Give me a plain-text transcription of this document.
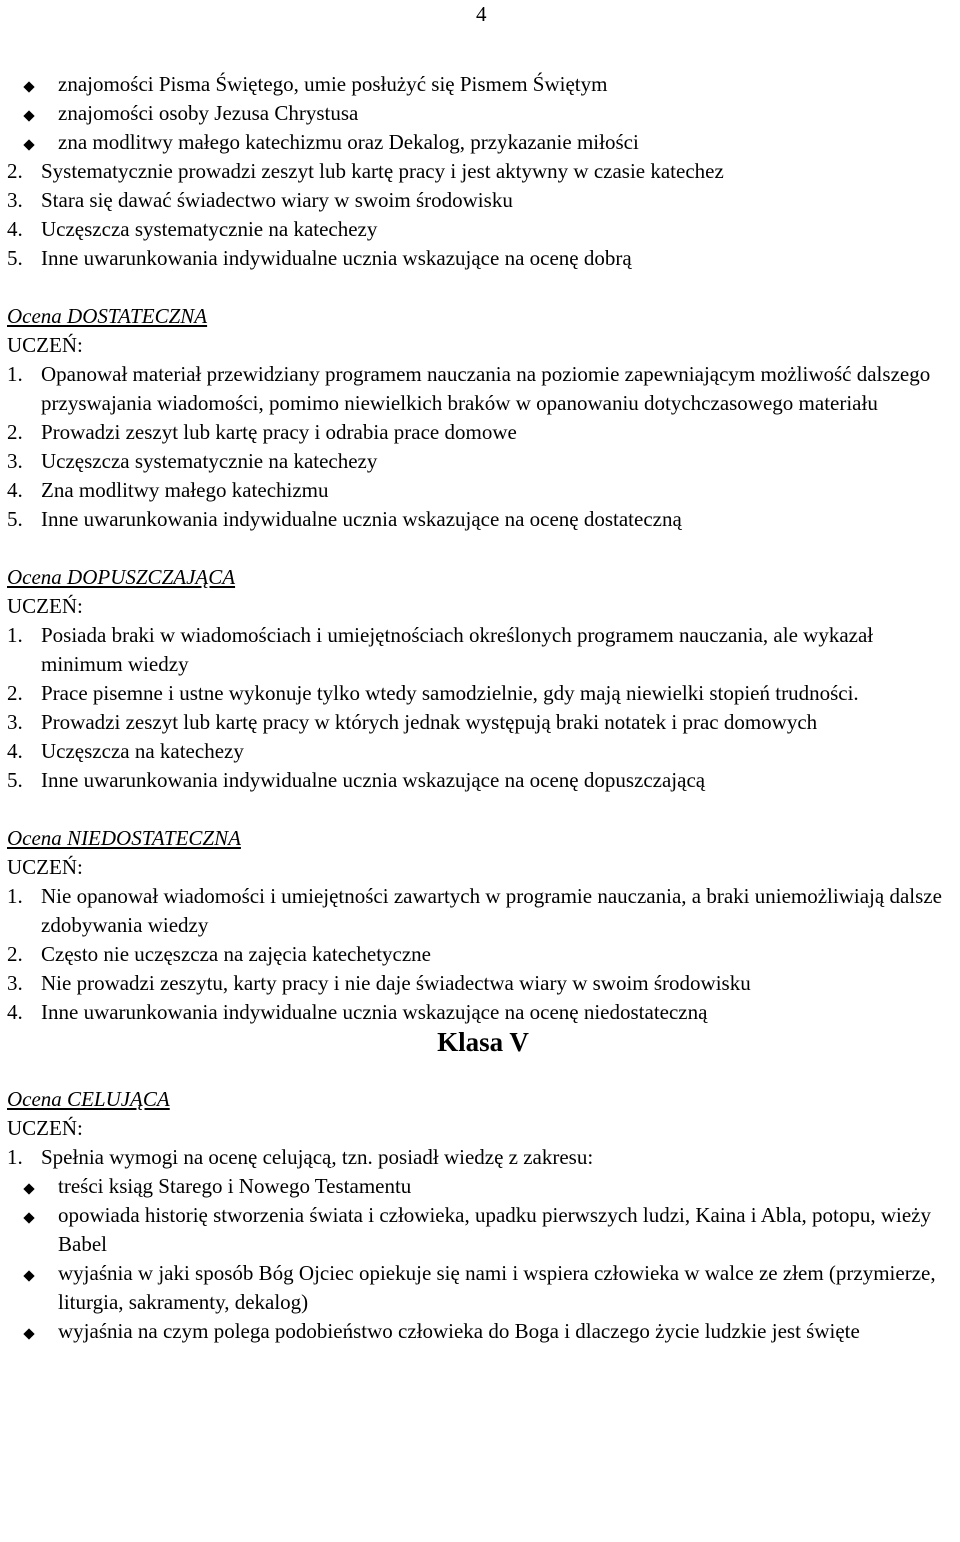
4
znajomości Pisma Świętego, umie posłużyć się Pismem Świętym
znajomości osoby Jezusa Chrystusa
zna modlitwy małego katechizmu oraz Dekalog, przykazanie miłości
2. Systematycznie prowadzi zeszyt lub kartę pracy i jest aktywny w czasie katechez
3. Stara się dawać świadectwo wiary w swoim środowisku
4. Uczęszcza systematycznie na katechezy
5. Inne uwarunkowania indywidualne ucznia wskazujące na ocenę dobrą
Ocena DOSTATECZNA
UCZEŃ:
1. Opanował materiał przewidziany programem nauczania na poziomie zapewniającym możliwość dalszego przyswajania wiadomości, pomimo niewielkich braków w opanowaniu dotychczasowego materiału
2. Prowadzi zeszyt lub kartę pracy i odrabia prace domowe
3. Uczęszcza systematycznie na katechezy
4. Zna modlitwy małego katechizmu
5. Inne uwarunkowania indywidualne ucznia wskazujące na ocenę dostateczną
Ocena DOPUSZCZAJĄCA
UCZEŃ:
1. Posiada braki w wiadomościach i umiejętnościach określonych programem nauczania, ale wykazał minimum wiedzy
2. Prace pisemne i ustne wykonuje tylko wtedy samodzielnie, gdy mają niewielki stopień trudności.
3. Prowadzi zeszyt lub kartę pracy w których jednak występują braki notatek i prac domowych
4. Uczęszcza na katechezy
5. Inne uwarunkowania indywidualne ucznia wskazujące na ocenę dopuszczającą
Ocena NIEDOSTATECZNA
UCZEŃ:
1. Nie opanował wiadomości i umiejętności zawartych w programie nauczania, a braki uniemożliwiają dalsze zdobywania wiedzy
2. Często nie uczęszcza na zajęcia katechetyczne
3. Nie prowadzi zeszytu, karty pracy i nie daje świadectwa wiary w swoim środowisku
4. Inne uwarunkowania indywidualne ucznia wskazujące na ocenę niedostateczną
Klasa V
Ocena CELUJĄCA
UCZEŃ:
1. Spełnia wymogi na ocenę celującą, tzn. posiadł wiedzę z zakresu:
treści ksiąg Starego i Nowego Testamentu
opowiada historię stworzenia świata i człowieka, upadku pierwszych ludzi, Kaina i Abla, potopu, wieży Babel
wyjaśnia w jaki sposób Bóg Ojciec opiekuje się nami i wspiera człowieka w walce ze złem (przymierze, liturgia, sakramenty, dekalog)
wyjaśnia na czym polega podobieństwo człowieka do Boga i dlaczego życie ludzkie jest święte
